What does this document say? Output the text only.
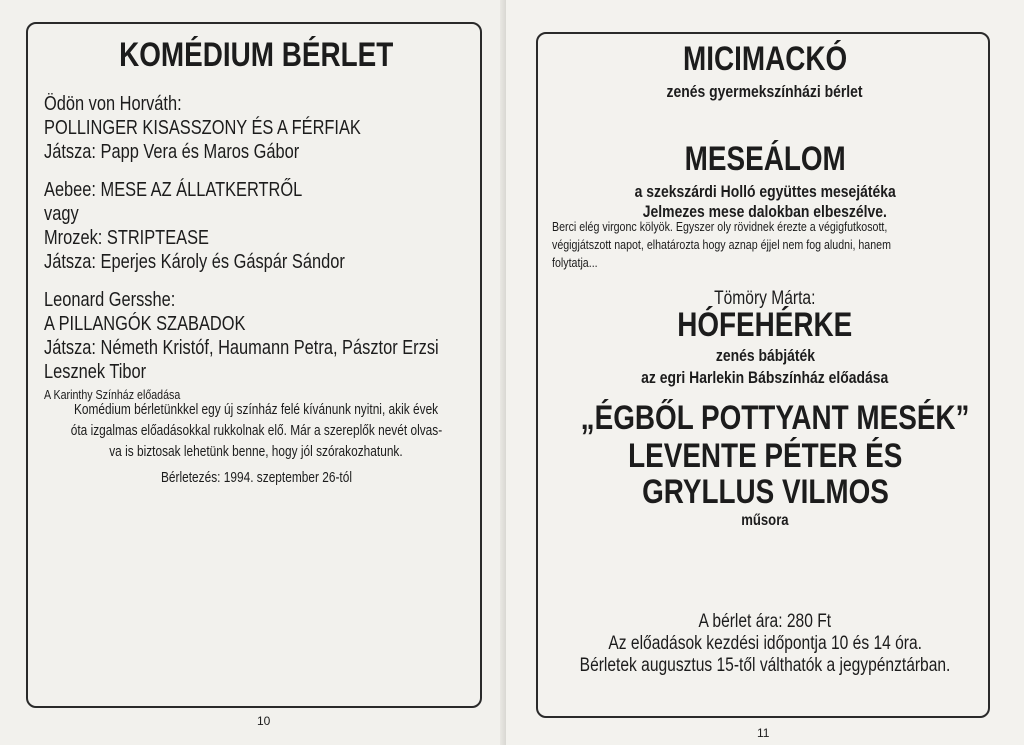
KOMÉDIUM BÉRLET
Ödön von Horváth:
POLLINGER KISASSZONY ÉS A FÉRFIAK
Játsza: Papp Vera és Maros Gábor
Aebee: MESE AZ ÁLLATKERTRŐL
vagy
Mrozek: STRIPTEASE
Játsza: Eperjes Károly és Gáspár Sándor
Leonard Gersshe:
A PILLANGÓK SZABADOK
Játsza: Németh Kristóf, Haumann Petra, Pásztor Erzsi
Lesznek Tibor
A Karinthy Színház előadása
Komédium bérletünkkel egy új színház felé kívánunk nyitni, akik évek
óta izgalmas előadásokkal rukkolnak elő. Már a szereplők nevét olvas-
va is biztosak lehetünk benne, hogy jól szórakozhatunk.
Bérletezés: 1994. szeptember 26-tól
10
MICIMACKÓ
zenés gyermekszínházi bérlet
MESEÁLOM
a szekszárdi Holló együttes mesejátéka
Jelmezes mese dalokban elbeszélve.
Berci elég virgonc kölyök. Egyszer oly rövidnek érezte a végigfutkosott,
végigjátszott napot, elhatározta hogy aznap éjjel nem fog aludni, hanem
folytatja...
Tömöry Márta:
HÓFEHÉRKE
zenés bábjáték
az egri Harlekin Bábszínház előadása
„ÉGBŐL POTTYANT MESÉK”
LEVENTE PÉTER ÉS
GRYLLUS VILMOS
műsora
A bérlet ára: 280 Ft
Az előadások kezdési időpontja 10 és 14 óra.
Bérletek augusztus 15-től válthatók a jegypénztárban.
11
